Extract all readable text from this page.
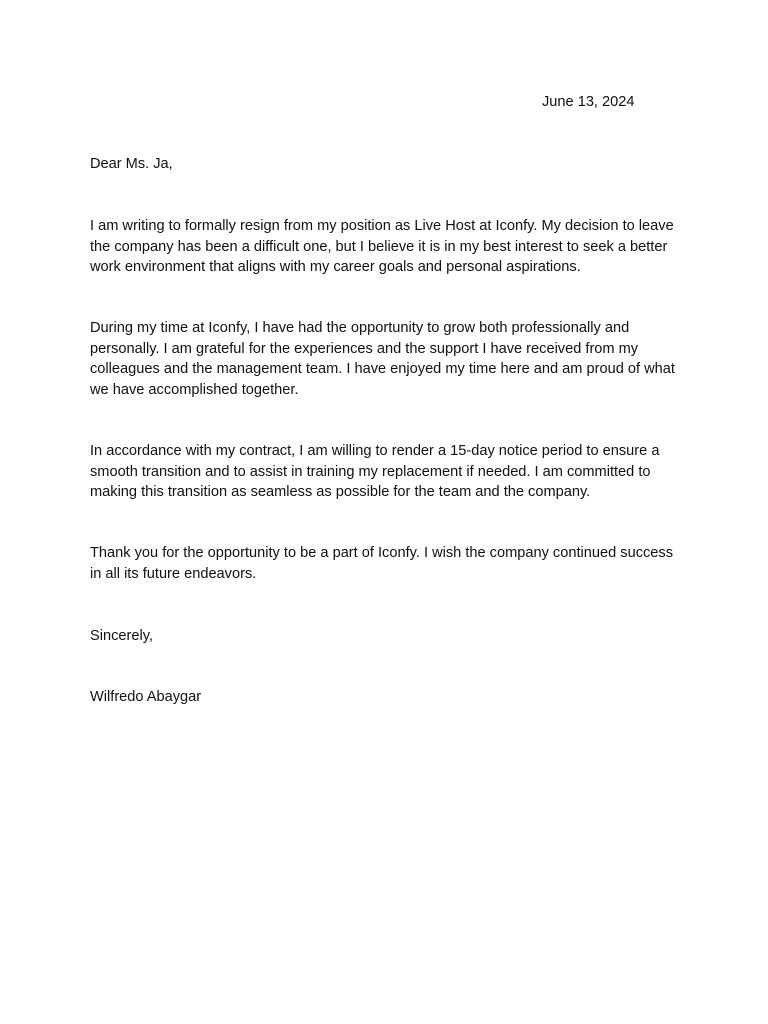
June 13, 2024

Dear Ms. Ja,

I am writing to formally resign from my position as Live Host at Iconfy. My decision to leave the company has been a difficult one, but I believe it is in my best interest to seek a better work environment that aligns with my career goals and personal aspirations.

During my time at Iconfy, I have had the opportunity to grow both professionally and personally. I am grateful for the experiences and the support I have received from my colleagues and the management team. I have enjoyed my time here and am proud of what we have accomplished together.

In accordance with my contract, I am willing to render a 15-day notice period to ensure a smooth transition and to assist in training my replacement if needed. I am committed to making this transition as seamless as possible for the team and the company.

Thank you for the opportunity to be a part of Iconfy. I wish the company continued success in all its future endeavors.

Sincerely,

Wilfredo Abaygar
